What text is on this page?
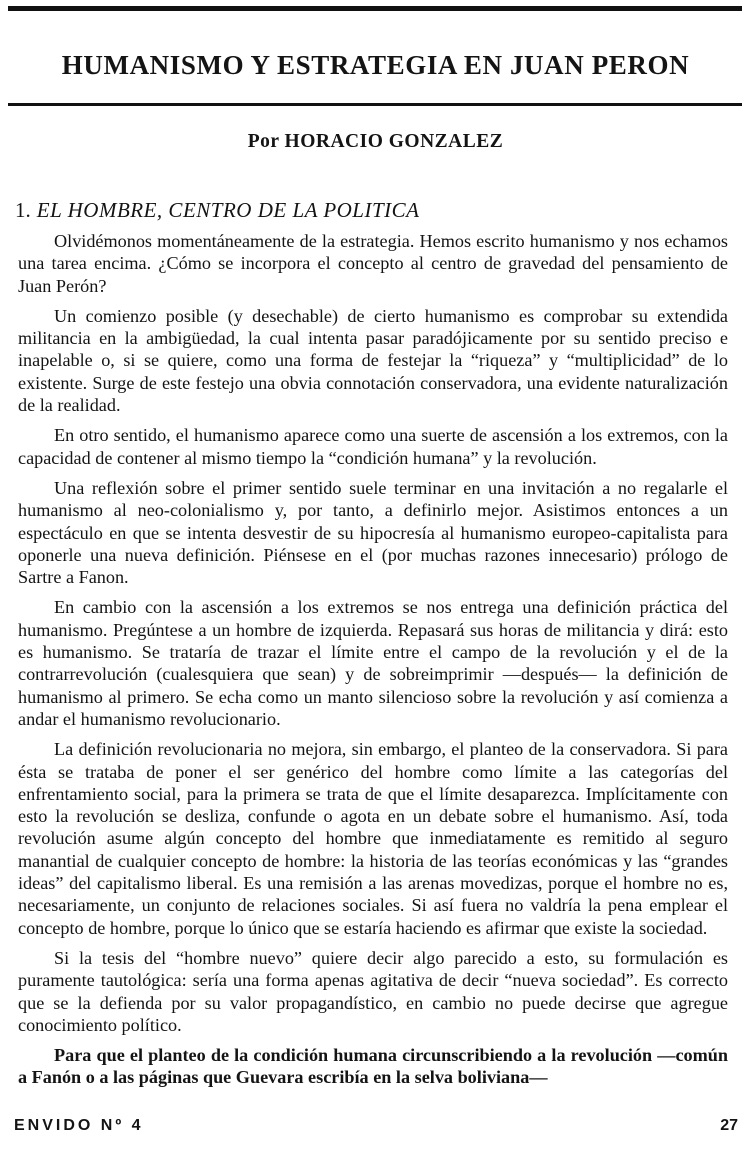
HUMANISMO Y ESTRATEGIA EN JUAN PERON
Por HORACIO GONZALEZ
1. EL HOMBRE, CENTRO DE LA POLITICA

Olvidémonos momentáneamente de la estrategia. Hemos escrito humanismo y nos echamos una tarea encima. ¿Cómo se incorpora el concepto al centro de gravedad del pensamiento de Juan Perón?

Un comienzo posible (y desechable) de cierto humanismo es comprobar su extendida militancia en la ambigüedad, la cual intenta pasar paradójicamente por su sentido preciso e inapelable o, si se quiere, como una forma de festejar la “riqueza” y “multiplicidad” de lo existente. Surge de este festejo una obvia connotación conservadora, una evidente naturalización de la realidad.

En otro sentido, el humanismo aparece como una suerte de ascensión a los extremos, con la capacidad de contener al mismo tiempo la “condición humana” y la revolución.

Una reflexión sobre el primer sentido suele terminar en una invitación a no regalarle el humanismo al neo-colonialismo y, por tanto, a definirlo mejor. Asistimos entonces a un espectáculo en que se intenta desvestir de su hipocresía al humanismo europeo-capitalista para oponerle una nueva definición. Piénsese en el (por muchas razones innecesario) prólogo de Sartre a Fanon.

En cambio con la ascensión a los extremos se nos entrega una definición práctica del humanismo. Pregúntese a un hombre de izquierda. Repasará sus horas de militancia y dirá: esto es humanismo. Se trataría de trazar el límite entre el campo de la revolución y el de la contrarrevolución (cualesquiera que sean) y de sobreimprimir —después— la definición de humanismo al primero. Se echa como un manto silencioso sobre la revolución y así comienza a andar el humanismo revolucionario.

La definición revolucionaria no mejora, sin embargo, el planteo de la conservadora. Si para ésta se trataba de poner el ser genérico del hombre como límite a las categorías del enfrentamiento social, para la primera se trata de que el límite desaparezca. Implícitamente con esto la revolución se desliza, confunde o agota en un debate sobre el humanismo. Así, toda revolución asume algún concepto del hombre que inmediatamente es remitido al seguro manantial de cualquier concepto de hombre: la historia de las teorías económicas y las “grandes ideas” del capitalismo liberal. Es una remisión a las arenas movedizas, porque el hombre no es, necesariamente, un conjunto de relaciones sociales. Si así fuera no valdría la pena emplear el concepto de hombre, porque lo único que se estaría haciendo es afirmar que existe la sociedad.

Si la tesis del “hombre nuevo” quiere decir algo parecido a esto, su formulación es puramente tautológica: sería una forma apenas agitativa de decir “nueva sociedad”. Es correcto que se la defienda por su valor propagandístico, en cambio no puede decirse que agregue conocimiento político.

Para que el planteo de la condición humana circunscribiendo a la revolución —común a Fanón o a las páginas que Guevara escribía en la selva boliviana—

ENVIDO Nº 4	27
